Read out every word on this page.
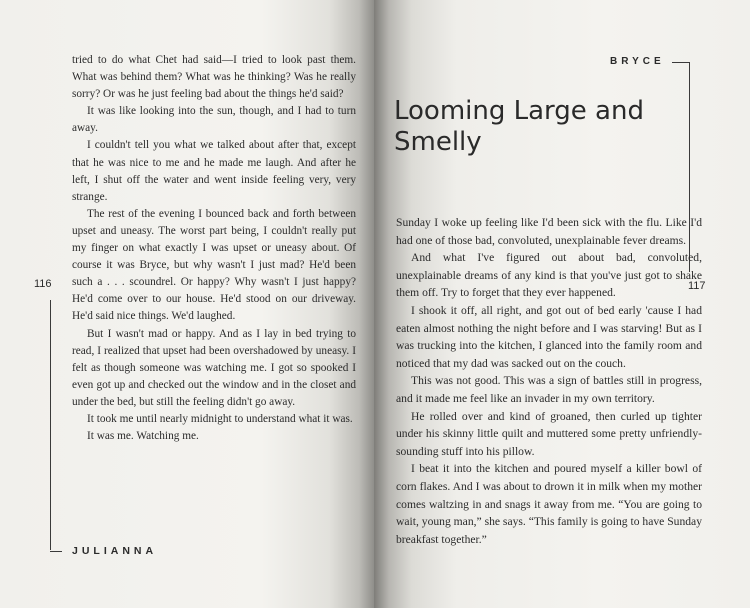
tried to do what Chet had said—I tried to look past them. What was behind them? What was he thinking? Was he really sorry? Or was he just feeling bad about the things he'd said?

It was like looking into the sun, though, and I had to turn away.

I couldn't tell you what we talked about after that, except that he was nice to me and he made me laugh. And after he left, I shut off the water and went inside feeling very, very strange.

The rest of the evening I bounced back and forth between upset and uneasy. The worst part being, I couldn't really put my finger on what exactly I was upset or uneasy about. Of course it was Bryce, but why wasn't I just mad? He'd been such a . . . scoundrel. Or happy? Why wasn't I just happy? He'd come over to our house. He'd stood on our driveway. He'd said nice things. We'd laughed.

But I wasn't mad or happy. And as I lay in bed trying to read, I realized that upset had been overshadowed by uneasy. I felt as though someone was watching me. I got so spooked I even got up and checked out the window and in the closet and under the bed, but still the feeling didn't go away.

It took me until nearly midnight to understand what it was.

It was me. Watching me.

116
JULIANNA
BRYCE
Looming Large and Smelly

Sunday I woke up feeling like I'd been sick with the flu. Like I'd had one of those bad, convoluted, unexplainable fever dreams.

And what I've figured out about bad, convoluted, unexplainable dreams of any kind is that you've just got to shake them off. Try to forget that they ever happened.

I shook it off, all right, and got out of bed early 'cause I had eaten almost nothing the night before and I was starving! But as I was trucking into the kitchen, I glanced into the family room and noticed that my dad was sacked out on the couch.

This was not good. This was a sign of battles still in progress, and it made me feel like an invader in my own territory.

He rolled over and kind of groaned, then curled up tighter under his skinny little quilt and muttered some pretty unfriendly-sounding stuff into his pillow.

I beat it into the kitchen and poured myself a killer bowl of corn flakes. And I was about to drown it in milk when my mother comes waltzing in and snags it away from me. “You are going to wait, young man,” she says. “This family is going to have Sunday breakfast together.”

117
